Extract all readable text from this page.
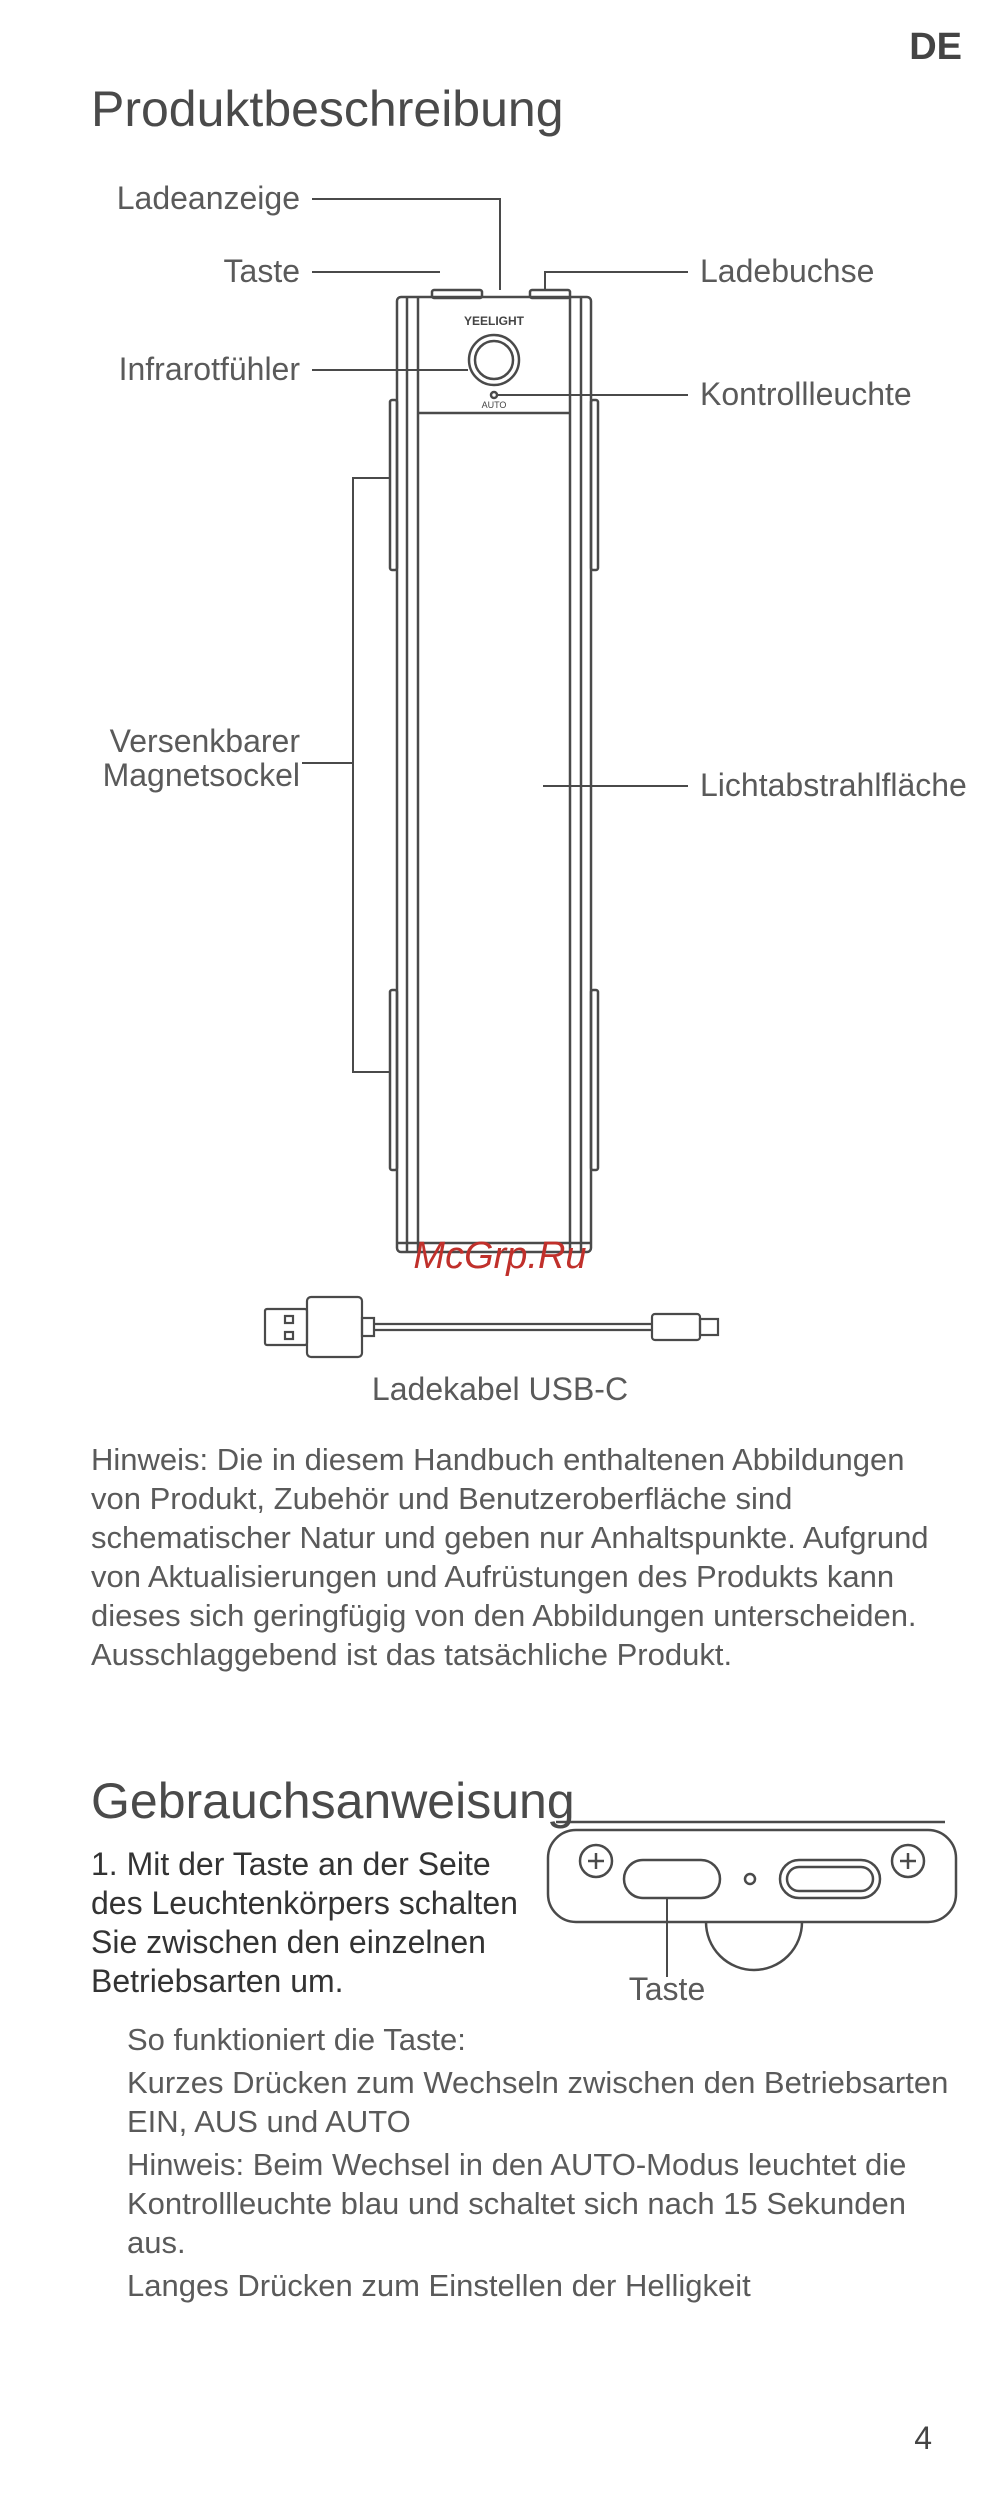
DE
Produktbeschreibung
YEELIGHT
AUTO
Ladeanzeige
Taste	Ladebuchse
Infrarotfühler
Kontrollleuchte
Versenkbarer
Magnetsockel	Lichtabstrahlfläche
McGrp.Ru
Ladekabel USB-C
Taste
Hinweis: Die in diesem Handbuch enthaltenen Abbildungen von Produkt, Zubehör und Benutzeroberfläche sind schematischer Natur und geben nur Anhaltspunkte. Aufgrund von Aktualisierungen und Aufrüstungen des Produkts kann dieses sich geringfügig von den Abbildungen unterscheiden. Ausschlaggebend ist das tatsächliche Produkt.
Gebrauchsanweisung
1. Mit der Taste an der Seite des Leuchtenkörpers schalten Sie zwischen den einzelnen Betriebsarten um.

So funktioniert die Taste:

Kurzes Drücken zum Wechseln zwischen den Betriebsarten EIN, AUS und AUTO

Hinweis: Beim Wechsel in den AUTO-Modus leuchtet die Kontrollleuchte blau und schaltet sich nach 15 Sekunden aus.

Langes Drücken zum Einstellen der Helligkeit

4
